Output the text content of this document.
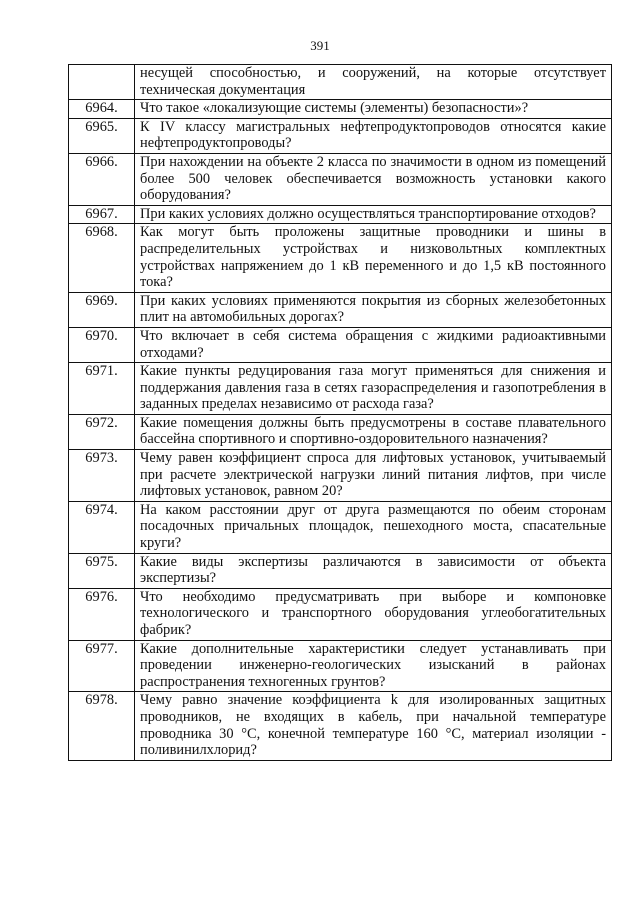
391
	несущей способностью, и сооружений, на которые отсутствует техническая документация
6964.	Что такое «локализующие системы (элементы) безопасности»?
6965.	К IV классу магистральных нефтепродуктопроводов относятся какие нефтепродуктопроводы?
6966.	При нахождении на объекте 2 класса по значимости в одном из помещений более 500 человек обеспечивается возможность установки какого оборудования?
6967.	При каких условиях должно осуществляться транспортирование отходов?
6968.	Как могут быть проложены защитные проводники и шины в распределительных устройствах и низковольтных комплектных устройствах напряжением до 1 кВ переменного и до 1,5 кВ постоянного тока?
6969.	При каких условиях применяются покрытия из сборных железобетонных плит на автомобильных дорогах?
6970.	Что включает в себя система обращения с жидкими радиоактивными отходами?
6971.	Какие пункты редуцирования газа могут применяться для снижения и поддержания давления газа в сетях газораспределения и газопотребления в заданных пределах независимо от расхода газа?
6972.	Какие помещения должны быть предусмотрены в составе плавательного бассейна спортивного и спортивно-оздоровительного назначения?
6973.	Чему равен коэффициент спроса для лифтовых установок, учитываемый при расчете электрической нагрузки линий питания лифтов, при числе лифтовых установок, равном 20?
6974.	На каком расстоянии друг от друга размещаются по обеим сторонам посадочных причальных площадок, пешеходного моста, спасательные круги?
6975.	Какие виды экспертизы различаются в зависимости от объекта экспертизы?
6976.	Что необходимо предусматривать при выборе и компоновке технологического и транспортного оборудования углеобогатительных фабрик?
6977.	Какие дополнительные характеристики следует устанавливать при проведении инженерно-геологических изысканий в районах распространения техногенных грунтов?
6978.	Чему равно значение коэффициента k для изолированных защитных проводников, не входящих в кабель, при начальной температуре проводника 30 °С, конечной температуре 160 °С, материал изоляции - поливинилхлорид?
